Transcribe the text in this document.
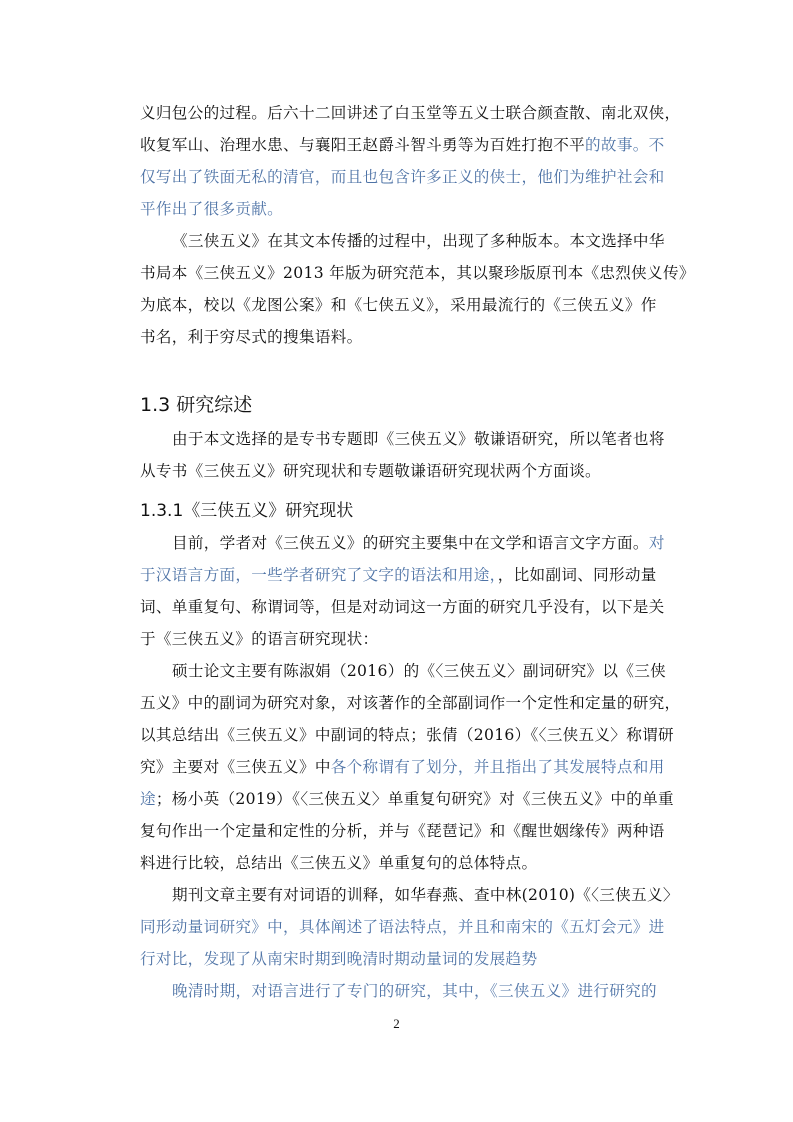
义归包公的过程。后六十二回讲述了白玉堂等五义士联合颜查散、南北双侠，
收复军山、治理水患、与襄阳王赵爵斗智斗勇等为百姓打抱不平的故事。不
仅写出了铁面无私的清官，而且也包含许多正义的侠士，他们为维护社会和
平作出了很多贡献。
《三侠五义》在其文本传播的过程中，出现了多种版本。本文选择中华
书局本《三侠五义》2013 年版为研究范本，其以聚珍版原刊本《忠烈侠义传》
为底本，校以《龙图公案》和《七侠五义》，采用最流行的《三侠五义》作
书名，利于穷尽式的搜集语料。
1.3 研究综述
由于本文选择的是专书专题即《三侠五义》敬谦语研究，所以笔者也将
从专书《三侠五义》研究现状和专题敬谦语研究现状两个方面谈。
1.3.1《三侠五义》研究现状
目前，学者对《三侠五义》的研究主要集中在文学和语言文字方面。对
于汉语言方面，一些学者研究了文字的语法和用途，，比如副词、同形动量
词、单重复句、称谓词等，但是对动词这一方面的研究几乎没有，以下是关
于《三侠五义》的语言研究现状：
硕士论文主要有陈淑娟（2016）的《〈三侠五义〉副词研究》以《三侠
五义》中的副词为研究对象，对该著作的全部副词作一个定性和定量的研究，
以其总结出《三侠五义》中副词的特点；张倩（2016）《〈三侠五义〉称谓研
究》主要对《三侠五义》中各个称谓有了划分，并且指出了其发展特点和用
途；杨小英（2019）《〈三侠五义〉单重复句研究》对《三侠五义》中的单重
复句作出一个定量和定性的分析，并与《琵琶记》和《醒世姻缘传》两种语
料进行比较，总结出《三侠五义》单重复句的总体特点。
期刊文章主要有对词语的训释，如华春燕、查中林(2010)《〈三侠五义〉
同形动量词研究》中，具体阐述了语法特点，并且和南宋的《五灯会元》进
行对比，发现了从南宋时期到晚清时期动量词的发展趋势
晚清时期，对语言进行了专门的研究，其中，《三侠五义》进行研究的
2
